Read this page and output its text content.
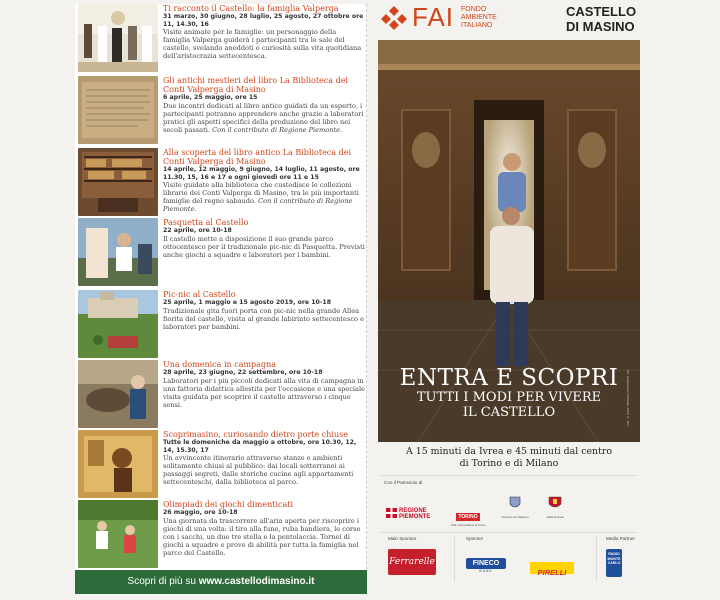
Ti racconto il Castello: la famiglia Valperga
31 marzo, 30 giugno, 28 luglio, 25 agosto, 27 ottobre ore 11, 14.30, 16
Visite animate per le famiglie: un personaggio della famiglia Valperga guiderà i partecipanti tra le sale del castello, svelando aneddoti e curiosità sulla vita quotidiana dell'aristocrazia settecentesca.
Gli antichi mestieri del libro La Biblioteca dei Conti Valperga di Masino
6 aprile, 25 maggio, ore 15
Due incontri dedicati al libro antico guidati da un esperto, i partecipanti potranno apprendere anche grazie a laboratori pratici gli aspetti specifici della produzione del libro nei secoli passati. Con il contributo di Regione Piemonte.
Alla scoperta del libro antico La Biblioteca dei Conti Valperga di Masino
14 aprile, 12 maggio, 9 giugno, 14 luglio, 11 agosto, ore 11.30, 15, 16 e 17 e ogni giovedì ore 11 e 15
Visite guidate alla biblioteca che custodisce le collezioni librarie dei Conti Valperga di Masino, tra le più importanti famiglie del regno sabaudo. Con il contributo di Regione Piemonte.
Pasquetta al Castello
22 aprile, ore 10-18
Il castello mette a disposizione il suo grande parco ottocentesco per il tradizionale pic-nic di Pasquetta. Previsti anche giochi a squadre e laboratori per i bambini.
Pic-nic al Castello
25 aprile, 1 maggio e 15 agosto 2019, ore 10-18
Tradizionale gita fuori porta con pic-nic nella grande Allea fiorita del castello, visita al grande labirinto settecentesco e laboratori per bambini.
Una domenica in campagna
28 aprile, 23 giugno, 22 settembre, ore 10-18
Laboratori per i più piccoli dedicati alla vita di campagna in una fattoria didattica allestita per l'occasione e una speciale visita guidata per scoprire il castello attraverso i cinque sensi.
Scoprimasino, curiosando dietro porte chiuse
Tutte le domeniche da maggio a ottobre, ore 10.30, 12, 14, 15.30, 17
Un avvincente itinerario attraverso stanze e ambienti solitamente chiusi al pubblico: dai locali sotterranei ai passaggi segreti, dalle storiche cucine agli appartamenti settecenteschi, dalla biblioteca al parco.
Olimpiadi dei giochi dimenticati
26 maggio, ore 10-18
Una giornata da trascorrere all'aria aperta per riscoprire i giochi di una volta: il tiro alla fune, ruba bandiera, le corse con i sacchi, un due tre stella e la pentolaccia. Tornei di giochi a squadre e prove di abilità per tutta la famiglia nel parco del Castello.
Scopri di più su www.castellodimasino.it
FAI FONDO
AMBIENTE
ITALIANO
CASTELLO
DI MASINO
ENTRA E SCOPRI
TUTTI I MODI PER VIVERE
IL CASTELLO	Ph. Sebastiano Cibaudo 2019 © FAI
A 15 minuti da Ivrea e 45 minuti dal centro
di Torino e di Milano
Con il Patrocinio di
REGIONE PIEMONTE	TORINO
Città metropolitana di Torino
Comune di Caravino	Città di Ivrea
Main Sponsor	Sponsor	Media Partner
Ferrarelle	FINECO
BANK	PIRELLI
RADIO MONTE CARLO
